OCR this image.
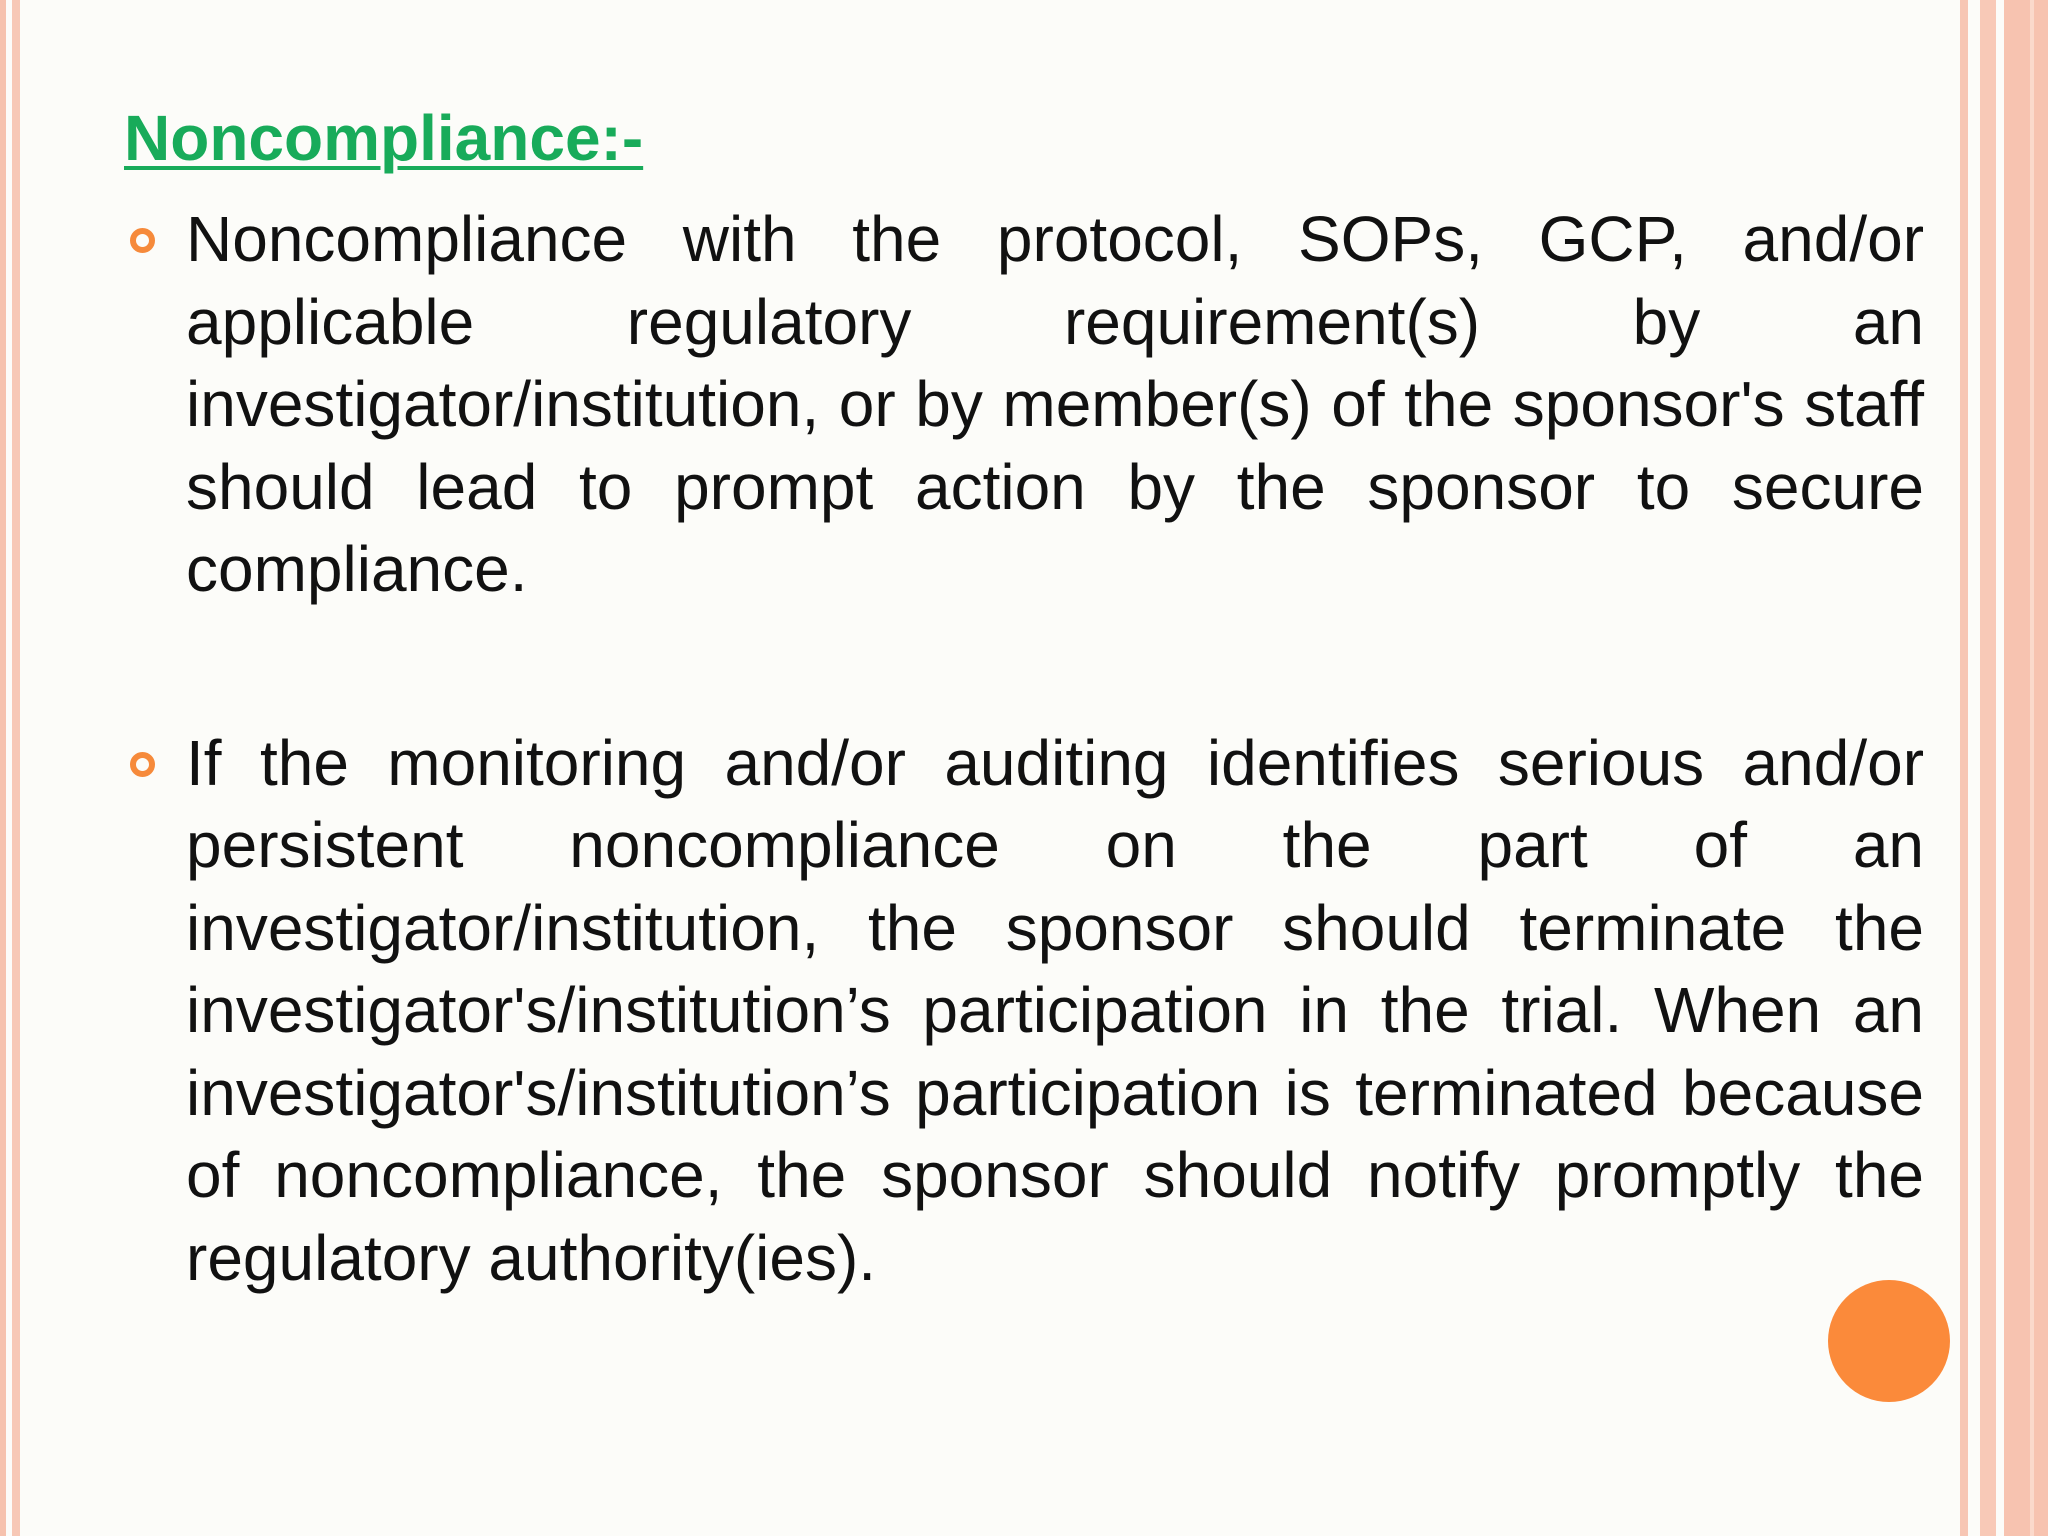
Noncompliance:-
Noncompliance with the protocol, SOPs, GCP, and/or applicable regulatory requirement(s) by an investigator/institution, or by member(s) of the sponsor's staff should lead to prompt action by the sponsor to secure compliance.
If the monitoring and/or auditing identifies serious and/or persistent noncompliance on the part of an investigator/institution, the sponsor should terminate the investigator's/institution’s participation in the trial. When an investigator's/institution’s participation is terminated because of noncompliance, the sponsor should notify promptly the regulatory authority(ies).
